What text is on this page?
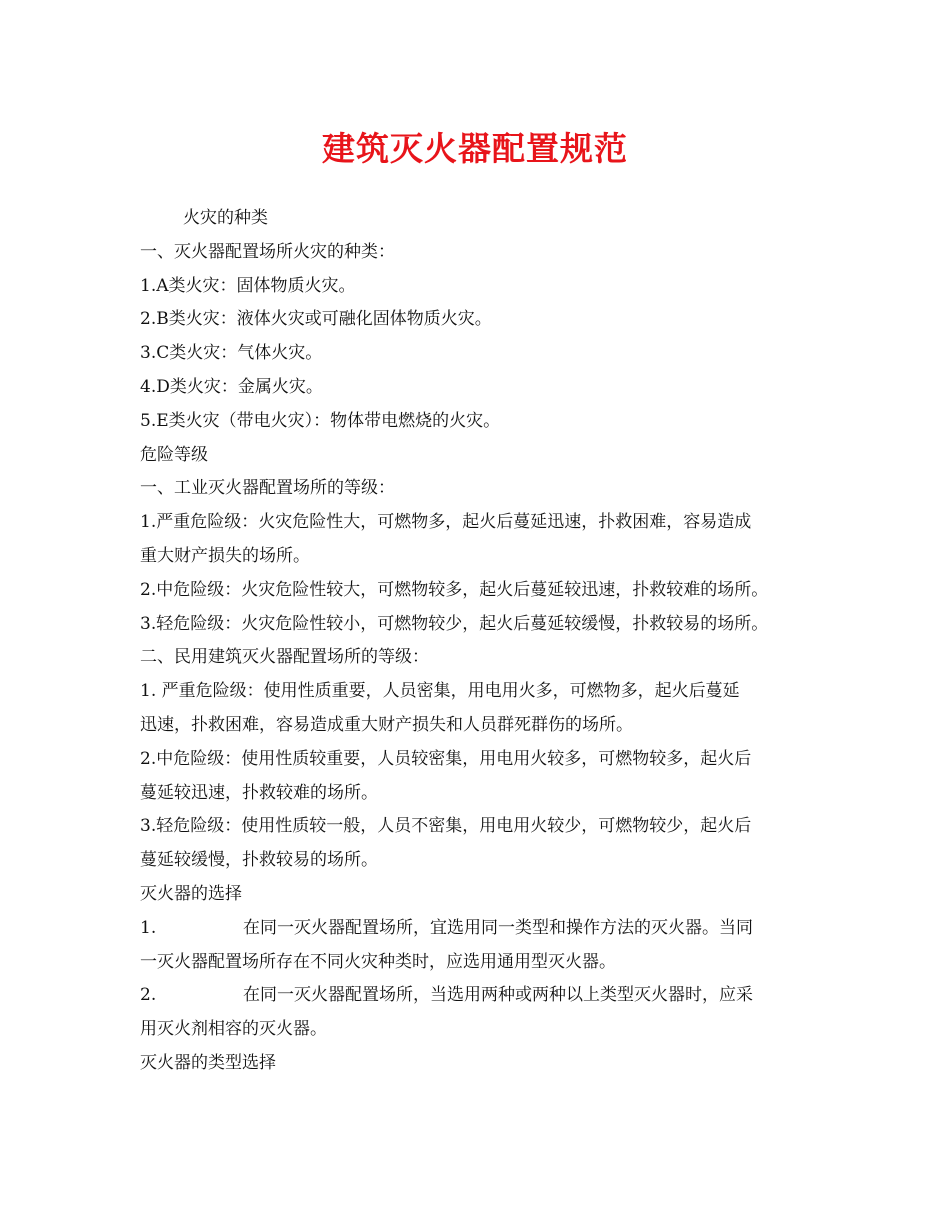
建筑灭火器配置规范
火灾的种类
一、灭火器配置场所火灾的种类：
1.A类火灾：固体物质火灾。
2.B类火灾：液体火灾或可融化固体物质火灾。
3.C类火灾：气体火灾。
4.D类火灾：金属火灾。
5.E类火灾（带电火灾）：物体带电燃烧的火灾。
危险等级
一、工业灭火器配置场所的等级：
1.严重危险级：火灾危险性大，可燃物多，起火后蔓延迅速，扑救困难，容易造成
重大财产损失的场所。
2.中危险级：火灾危险性较大，可燃物较多，起火后蔓延较迅速，扑救较难的场所。
3.轻危险级：火灾危险性较小，可燃物较少，起火后蔓延较缓慢，扑救较易的场所。
二、民用建筑灭火器配置场所的等级：
1. 严重危险级：使用性质重要，人员密集，用电用火多，可燃物多，起火后蔓延
迅速，扑救困难，容易造成重大财产损失和人员群死群伤的场所。
2.中危险级：使用性质较重要，人员较密集，用电用火较多，可燃物较多，起火后
蔓延较迅速，扑救较难的场所。
3.轻危险级：使用性质较一般，人员不密集，用电用火较少，可燃物较少，起火后
蔓延较缓慢，扑救较易的场所。
灭火器的选择
1.	在同一灭火器配置场所，宜选用同一类型和操作方法的灭火器。当同
一灭火器配置场所存在不同火灾种类时，应选用通用型灭火器。
2.	在同一灭火器配置场所，当选用两种或两种以上类型灭火器时，应采
用灭火剂相容的灭火器。
灭火器的类型选择
